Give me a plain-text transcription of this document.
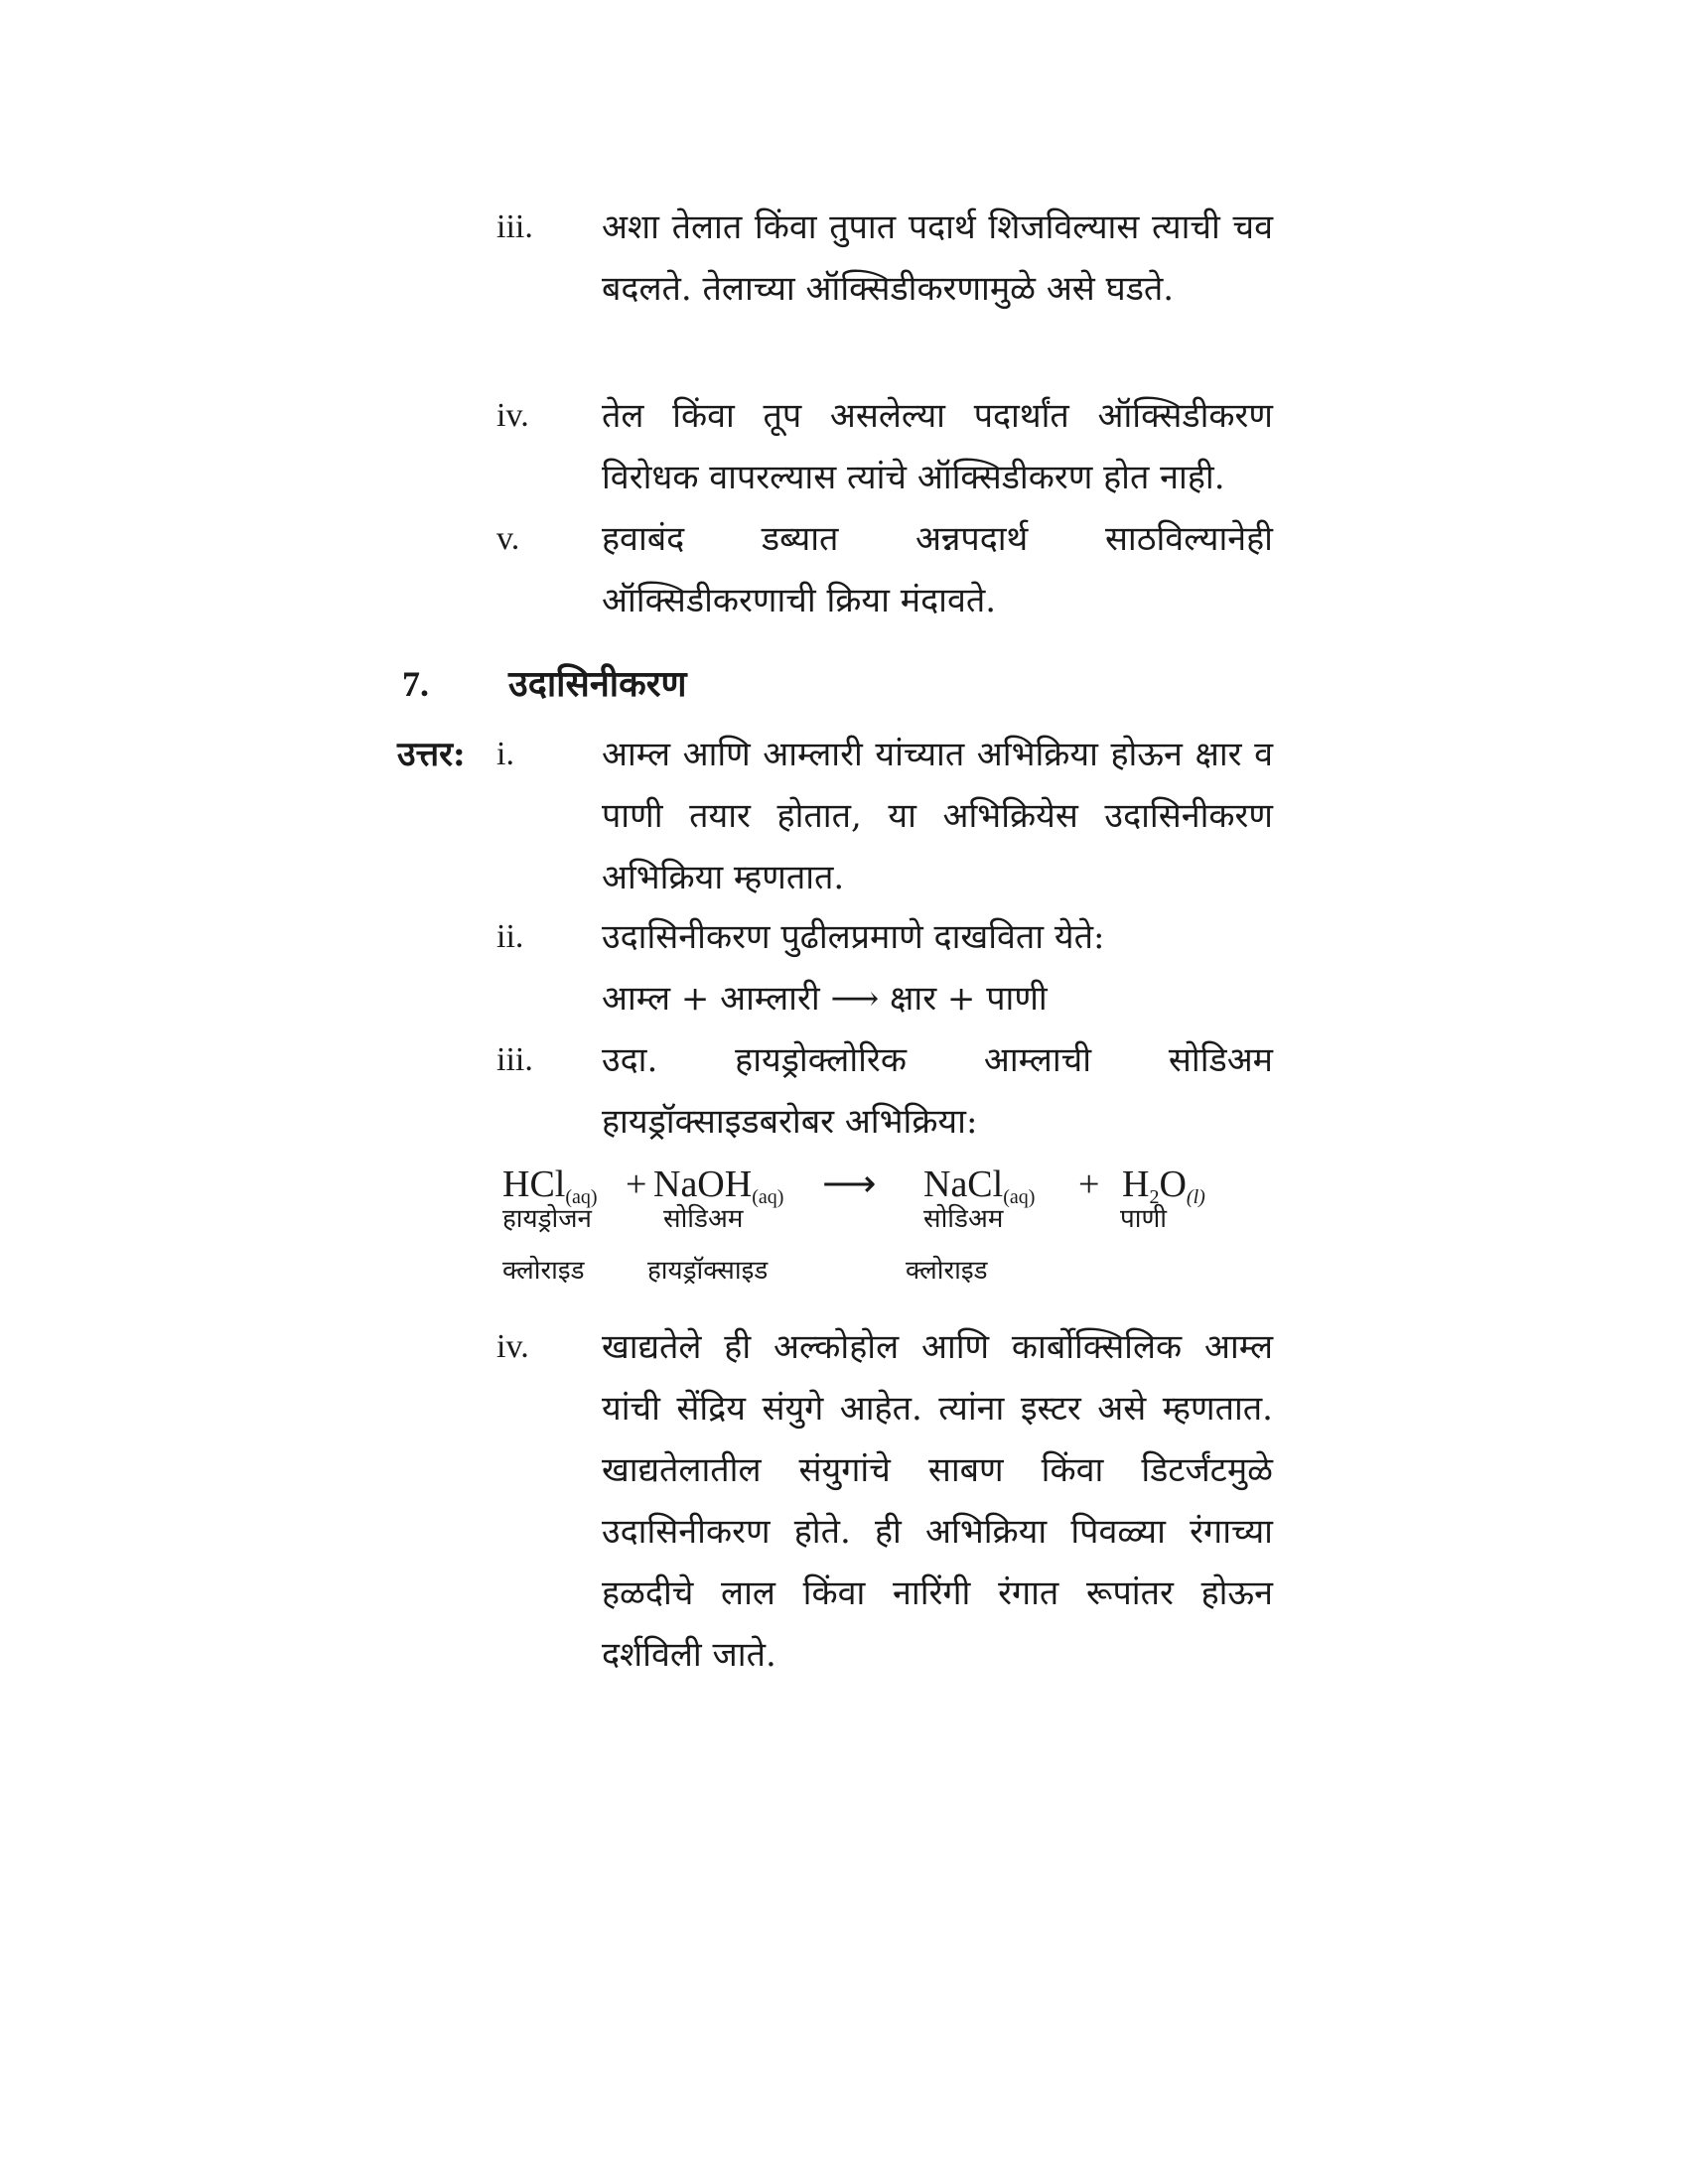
iii. अशा तेलात किंवा तुपात पदार्थ शिजविल्यास त्याची चव बदलते. तेलाच्या ऑक्सिडीकरणामुळे असे घडते.
iv. तेल किंवा तूप असलेल्या पदार्थांत ऑक्सिडीकरण विरोधक वापरल्यास त्यांचे ऑक्सिडीकरण होत नाही.
v. हवाबंद डब्यात अन्नपदार्थ साठविल्यानेही ऑक्सिडीकरणाची क्रिया मंदावते.
7. उदासिनीकरण
उत्तर: i.	आम्ल आणि आम्लारी यांच्यात अभिक्रिया होऊन क्षार व पाणी तयार होतात, या अभिक्रियेस उदासिनीकरण अभिक्रिया म्हणतात.
ii. उदासिनीकरण पुढीलप्रमाणे दाखविता येते:
आम्ल + आम्लारी ⟶ क्षार + पाणी
iii. उदा. हायड्रोक्लोरिक आम्लाची सोडिअम हायड्रॉक्साइडबरोबर अभिक्रिया:
HCl$_{(aq)}$ + NaOH$_{(aq)}$ ⟶ NaCl$_{(aq)}$ + $H_2O_{(l)}$
हायड्रोजन
क्लोराइड
सोडिअम
हायड्रॉक्साइड
सोडिअम
क्लोराइड
पाणी
iv. खाद्यतेले ही अल्कोहोल आणि कार्बोक्सिलिक आम्ल यांची सेंद्रिय संयुगे आहेत. त्यांना इस्टर असे म्हणतात. खाद्यतेलातील संयुगांचे साबण किंवा डिटर्जंटमुळे उदासिनीकरण होते. ही अभिक्रिया पिवळ्या रंगाच्या हळदीचे लाल किंवा नारिंगी रंगात रूपांतर होऊन दर्शविली जाते.
